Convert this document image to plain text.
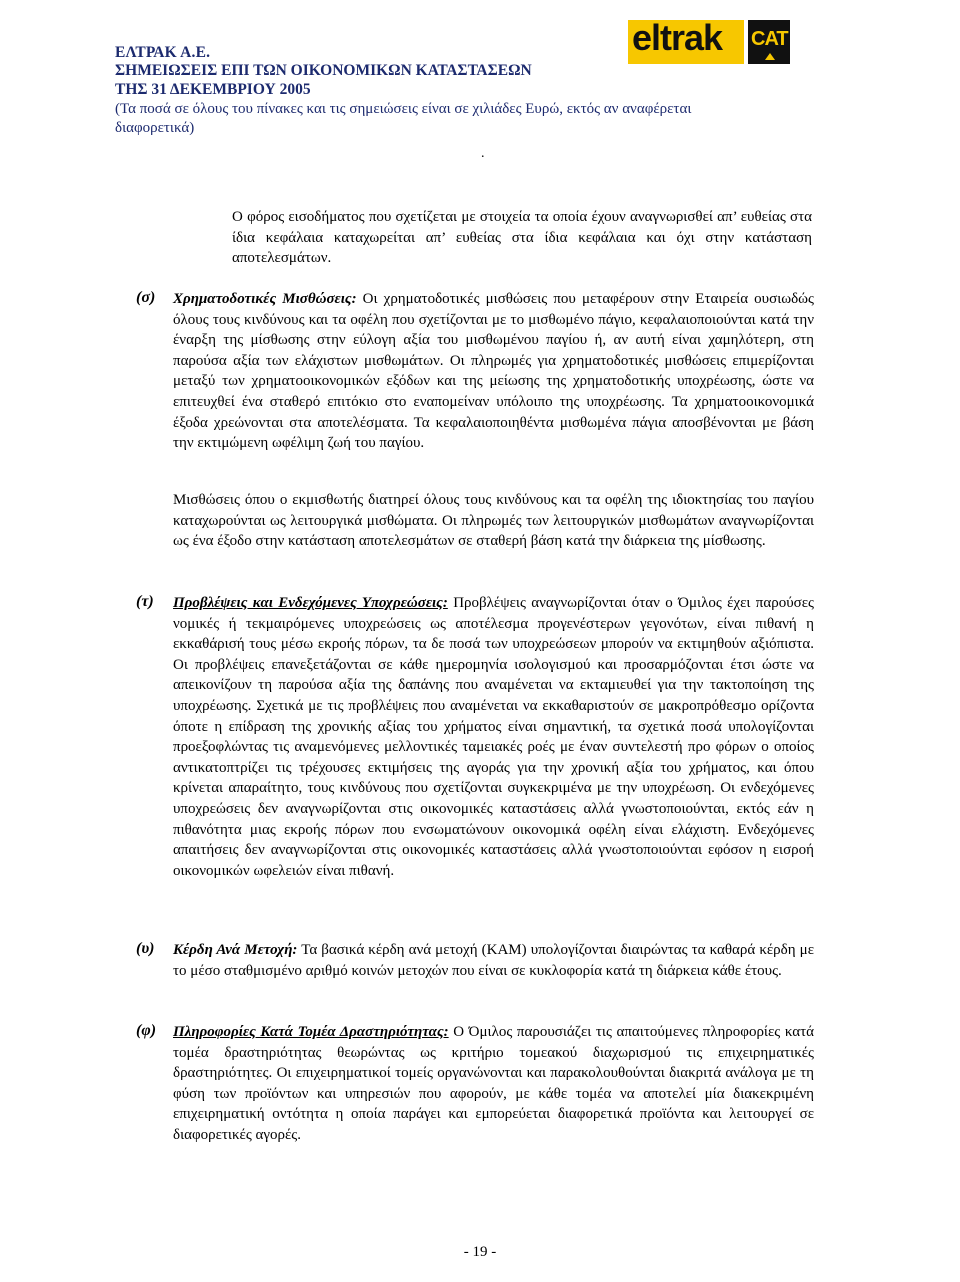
ΕΛΤΡΑΚ Α.Ε.
ΣΗΜΕΙΩΣΕΙΣ ΕΠΙ ΤΩΝ ΟΙΚΟΝΟΜΙΚΩΝ ΚΑΤΑΣΤΑΣΕΩΝ
ΤΗΣ 31 ΔΕΚΕΜΒΡΙΟΥ 2005
(Τα ποσά σε όλους του πίνακες και τις σημειώσεις είναι σε χιλιάδες Ευρώ, εκτός αν αναφέρεται
διαφορετικά)
eltrak CAT
.
Ο φόρος εισοδήματος που σχετίζεται με στοιχεία τα οποία έχουν αναγνωρισθεί απ’ ευθείας στα ίδια κεφάλαια καταχωρείται απ’ ευθείας στα ίδια κεφάλαια και όχι στην κατάσταση αποτελεσμάτων.
(σ) Χρηματοδοτικές Μισθώσεις: Οι χρηματοδοτικές μισθώσεις που μεταφέρουν στην Εταιρεία ουσιωδώς όλους τους κινδύνους και τα οφέλη που σχετίζονται με το μισθωμένο πάγιο, κεφαλαιοποιούνται κατά την έναρξη της μίσθωσης στην εύλογη αξία του μισθωμένου παγίου ή, αν αυτή είναι χαμηλότερη, στη παρούσα αξία των ελάχιστων μισθωμάτων. Οι πληρωμές για χρηματοδοτικές μισθώσεις επιμερίζονται μεταξύ των χρηματοοικονομικών εξόδων και της μείωσης της χρηματοδοτικής υποχρέωσης, ώστε να επιτευχθεί ένα σταθερό επιτόκιο στο εναπομείναν υπόλοιπο της υποχρέωσης. Τα χρηματοοικονομικά έξοδα χρεώνονται στα αποτελέσματα. Τα κεφαλαιοποιηθέντα μισθωμένα πάγια αποσβένονται με βάση την εκτιμώμενη ωφέλιμη ζωή του παγίου.
Μισθώσεις όπου ο εκμισθωτής διατηρεί όλους τους κινδύνους και τα οφέλη της ιδιοκτησίας του παγίου καταχωρούνται ως λειτουργικά μισθώματα. Οι πληρωμές των λειτουργικών μισθωμάτων αναγνωρίζονται ως ένα έξοδο στην κατάσταση αποτελεσμάτων σε σταθερή βάση κατά την διάρκεια της μίσθωσης.
(τ) Προβλέψεις και Ενδεχόμενες Υποχρεώσεις: Προβλέψεις αναγνωρίζονται όταν ο Όμιλος έχει παρούσες νομικές ή τεκμαιρόμενες υποχρεώσεις ως αποτέλεσμα προγενέστερων γεγονότων, είναι πιθανή η εκκαθάρισή τους μέσω εκροής πόρων, τα δε ποσά των υποχρεώσεων μπορούν να εκτιμηθούν αξιόπιστα. Οι προβλέψεις επανεξετάζονται σε κάθε ημερομηνία ισολογισμού και προσαρμόζονται έτσι ώστε να απεικονίζουν τη παρούσα αξία της δαπάνης που αναμένεται να εκταμιευθεί για την τακτοποίηση της υποχρέωσης. Σχετικά με τις προβλέψεις που αναμένεται να εκκαθαριστούν σε μακροπρόθεσμο ορίζοντα όποτε η επίδραση της χρονικής αξίας του χρήματος είναι σημαντική, τα σχετικά ποσά υπολογίζονται προεξοφλώντας τις αναμενόμενες μελλοντικές ταμειακές ροές με έναν συντελεστή προ φόρων ο οποίος αντικατοπτρίζει τις τρέχουσες εκτιμήσεις της αγοράς για την χρονική αξία του χρήματος, και όπου κρίνεται απαραίτητο, τους κινδύνους που σχετίζονται συγκεκριμένα με την υποχρέωση. Οι ενδεχόμενες υποχρεώσεις δεν αναγνωρίζονται στις οικονομικές καταστάσεις αλλά γνωστοποιούνται, εκτός εάν η πιθανότητα μιας εκροής πόρων που ενσωματώνουν οικονομικά οφέλη είναι ελάχιστη. Ενδεχόμενες απαιτήσεις δεν αναγνωρίζονται στις οικονομικές καταστάσεις αλλά γνωστοποιούνται εφόσον η εισροή οικονομικών ωφελειών είναι πιθανή.
(υ) Κέρδη Ανά Μετοχή: Τα βασικά κέρδη ανά μετοχή (ΚΑΜ) υπολογίζονται διαιρώντας τα καθαρά κέρδη με το μέσο σταθμισμένο αριθμό κοινών μετοχών που είναι σε κυκλοφορία κατά τη διάρκεια κάθε έτους.
(φ) Πληροφορίες Κατά Τομέα Δραστηριότητας: Ο Όμιλος παρουσιάζει τις απαιτούμενες πληροφορίες κατά τομέα δραστηριότητας θεωρώντας ως κριτήριο τομεακού διαχωρισμού τις επιχειρηματικές δραστηριότητες. Οι επιχειρηματικοί τομείς οργανώνονται και παρακολουθούνται διακριτά ανάλογα με τη φύση των προϊόντων και υπηρεσιών που αφορούν, με κάθε τομέα να αποτελεί μία διακεκριμένη επιχειρηματική οντότητα η οποία παράγει και εμπορεύεται διαφορετικά προϊόντα και λειτουργεί σε διαφορετικές αγορές.
- 19 -
